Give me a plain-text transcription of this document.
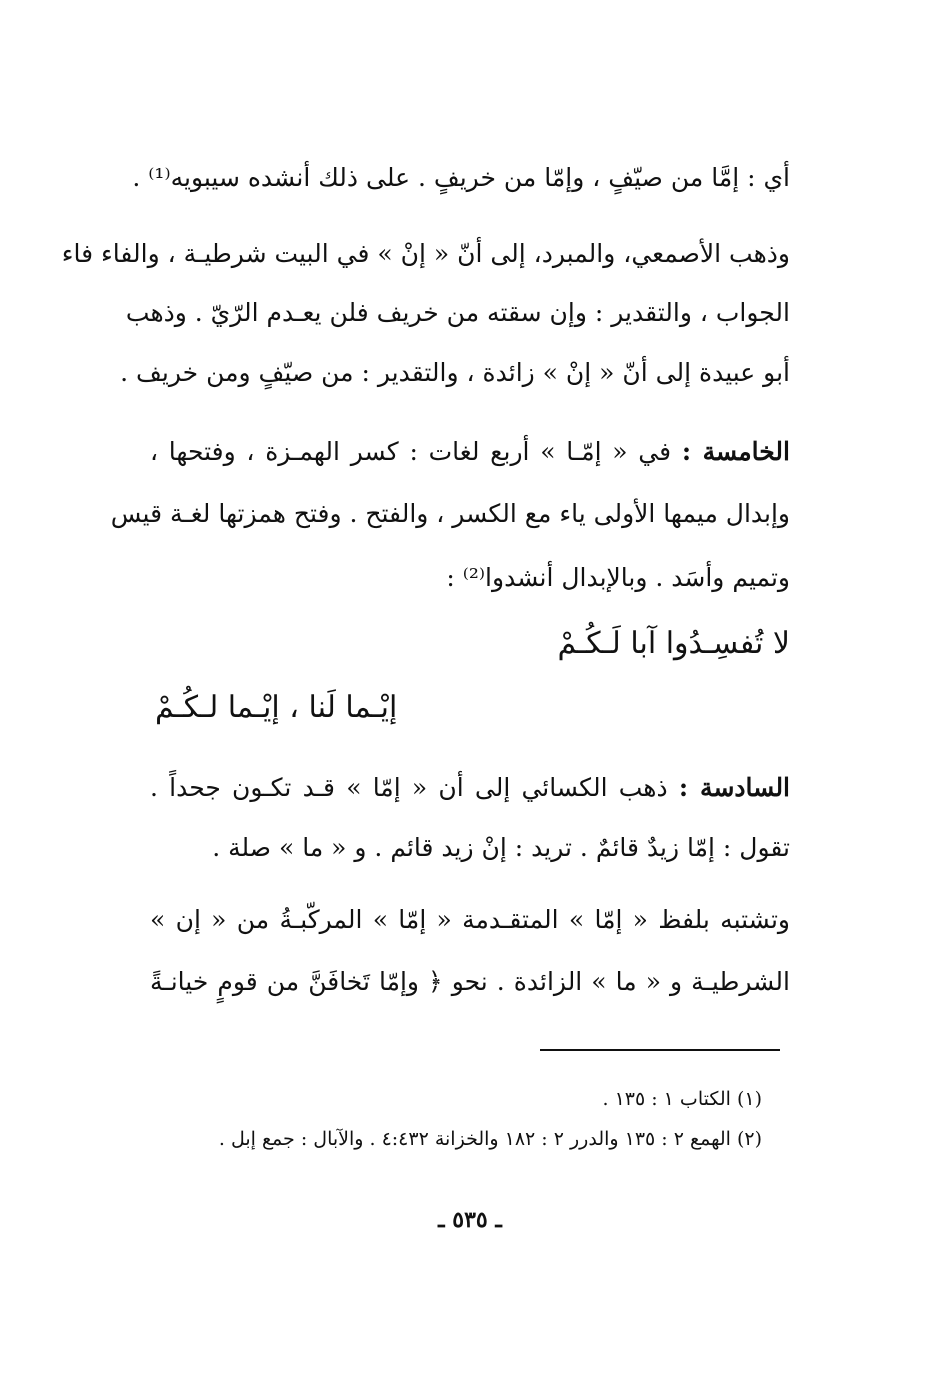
أي : إمَّا من صيّفٍ ، وإمّا من خريفٍ . على ذلك أنشده سيبويه⁽¹⁾ .
وذهب الأصمعي، والمبرد، إلى أنّ « إنْ » في البيت شرطيـة ، والفاء فاء
الجواب ، والتقدير : وإن سقته من خريف فلن يعـدم الرّيّ . وذهب
أبو عبيدة إلى أنّ « إنْ » زائدة ، والتقدير : من صيّفٍ ومن خريف .
الخامسة : في « إمّـا » أربع لغات : كسر الهمـزة ، وفتحها ،
وإبدال ميمها الأولى ياء مع الكسر ، والفتح . وفتح همزتها لغـة قيس
وتميم وأسَد . وبالإبدال أنشدوا⁽²⁾ :
لا تُفسِـدُوا آبا لَـكُـمْ
إيْـما لَنا ، إيْـما لـكُـمْ
السادسة : ذهب الكسائي إلى أن « إمّا » قـد تكـون جحداً .
تقول : إمّا زيدٌ قائمٌ . تريد : إنْ زيد قائم . و « ما » صلة .
وتشتبه بلفظ « إمّا » المتقـدمة « إمّا » المركّبـةُ من « إن »
الشرطيـة و « ما » الزائدة . نحو ﴿ وإمّا تَخافَنَّ من قومٍ خيانـةً
(١) الكتاب ١ : ١٣٥ .
(٢) الهمع ٢ : ١٣٥ والدرر ٢ : ١٨٢ والخزانة ٤:٤٣٢ . والآبال : جمع إبل .
ـ ٥٣٥ ـ
